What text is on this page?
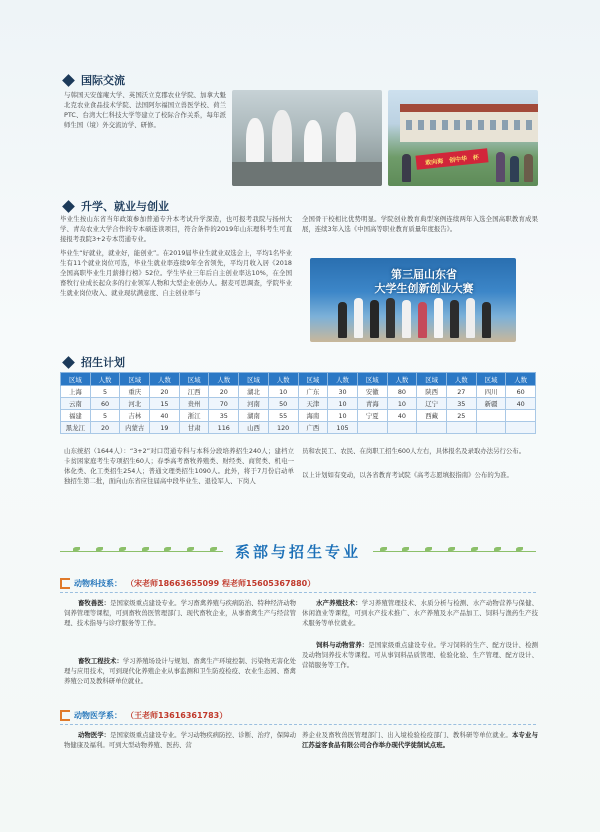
国际交流
与韩国天安莲庵大学、英国沃立克郡农业学院、加拿大魁北克农业食品技术学院、法国阿尔福国立兽医学校、荷兰PTC、台湾大仁科技大学等建立了校际合作关系，每年派师生国（境）外交流访学、研修。
敢向海　创中华　杯
升学、就业与创业
毕业生按山东省当年政策参加普通专升本考试升学深造，也可报考我院与扬州大学、青岛农业大学合作的专本硕连读项目，符合条件的2019年山东理科考生可直接报考我院3+2专本贯通专业。
毕业生“好就业，就业好，能创业”。在2019届毕业生就业双选会上，平均1名毕业生有11个就业岗位可选，毕业生就业率连续9年全省领先，平均月收入居《2018全国高职毕业生月薪排行榜》52位。学生毕业三年后自主创业率达10%，在全国畜牧行业成长起众多的行业领军人物和大型企业创办人。据麦可思调查，学院毕业生就业岗位收入、就业现状满意度、自主创业率与
全国骨干校相比优势明显。学院创业教育典型案例连续两年入选全国高职教育成果展，连续3年入选《中国高等职业教育质量年度报告》。
第三届山东省
大学生创新创业大赛
招生计划
区域	人数	区域	人数	区域	人数	区域	人数	区域	人数	区域	人数	区域	人数	区域	人数
上海	5	重庆	20	江西	20	湖北	10	广东	30	安徽	80	陕西	27	四川	60
云南	60	河北	15	贵州	70	河南	50	天津	10	青海	10	辽宁	35	新疆	40
福建	5	吉林	40	浙江	35	湖南	55	海南	10	宁夏	40	西藏	25		
黑龙江	20	内蒙古	19	甘肃	116	山西	120	广西	105						
山东统招（1644人）：“3+2”对口贯通专科与本科分段培养招生240人；建档立卡贫困家庭考生专项招生60人；春季高考畜牧养殖类、财经类、商贸类、机电一体化类、化工类招生254人；普通文理类招生1090人。此外，将于7月份启动单独招生第二批，面向山东省应往届高中段毕业生、退役军人、下岗人
员和农民工、农民、在岗职工招生600人左右，具体报名及录取办法另行公布。
以上计划如有变动，以各省教育考试院《高考志愿填报指南》公布的为准。
系部与招生专业
动物科技系： （宋老师18663655099 程老师15605367880）
畜牧兽医：是国家级重点建设专业。学习畜禽养殖与疾病防治、特种经济动物饲养管理等课程，可到畜牧兽医管理部门、现代畜牧企业，从事畜禽生产与经营管理、技术指导与诊疗服务等工作。
畜牧工程技术：学习养殖场设计与规划、畜禽生产环境控制、污染物无害化处理与应用技术，可到现代化养殖企业从事监测和卫生防疫检疫、农业生态园、畜禽养殖公司及教科研单位就业。
水产养殖技术：学习养殖管理技术、水质分析与检测、水产动物营养与保健、休闲渔业等课程，可到水产技术推广、水产养殖及水产品加工、饲料与渔药生产技术服务等单位就业。
饲料与动物营养：是国家级重点建设专业。学习饲料的生产、配方设计、检测及动物饲养技术等课程。可从事饲料品质管理、检验化验、生产管理、配方设计、营销服务等工作。
动物医学系： （王老师13616361783）
动物医学：是国家级重点建设专业。学习动物疾病防控、诊断、治疗，保障动物健康及福利。可到大型动物养殖、医药、营
养企业及畜牧兽医管理部门、出入境检验检疫部门、教科研等单位就业。本专业与江苏益客食品有限公司合作举办现代学徒制试点班。
